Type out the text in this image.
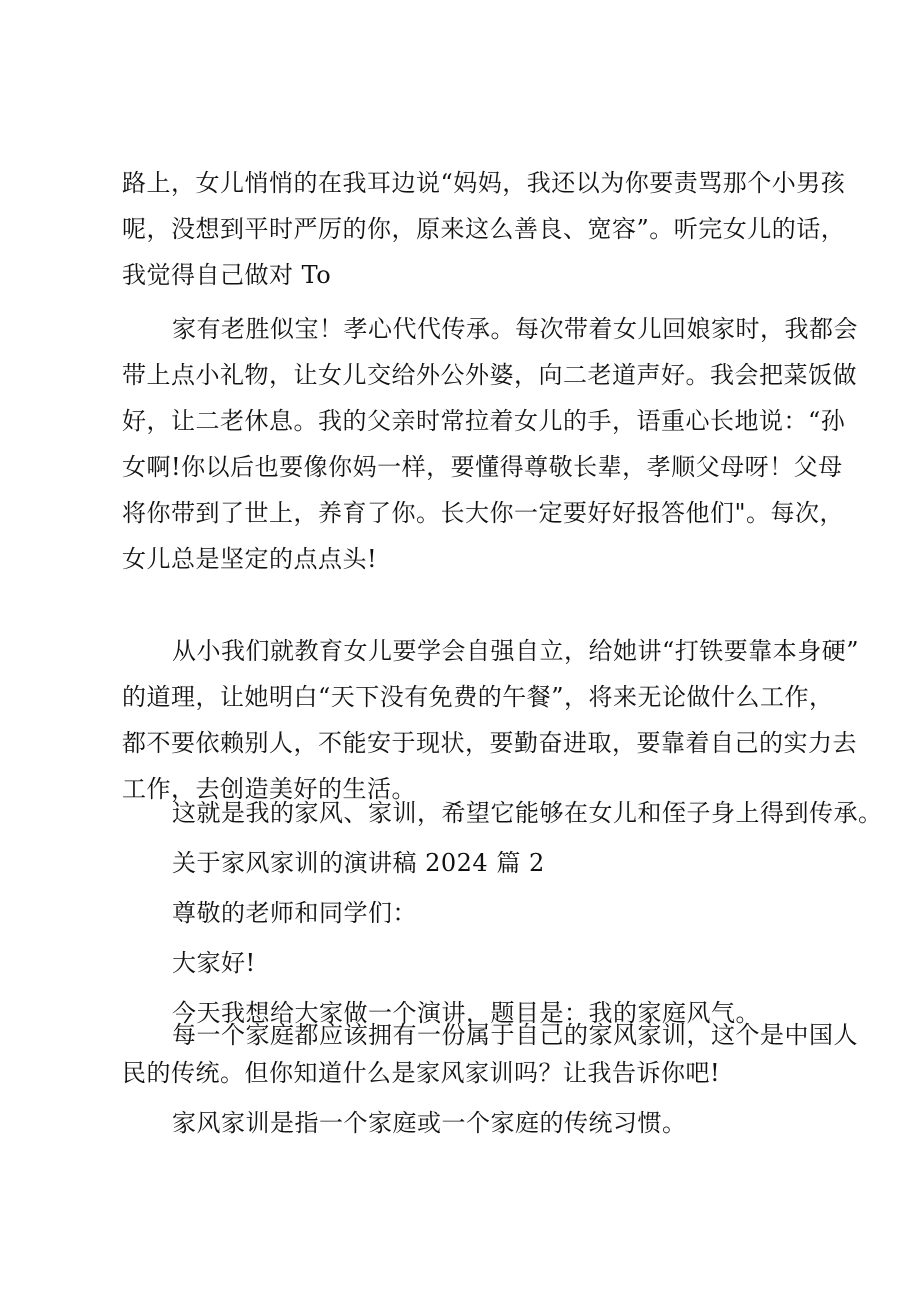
路上，女儿悄悄的在我耳边说“妈妈，我还以为你要责骂那个小男孩
呢，没想到平时严厉的你，原来这么善良、宽容”。听完女儿的话，
我觉得自己做对 To
家有老胜似宝！孝心代代传承。每次带着女儿回娘家时，我都会
带上点小礼物，让女儿交给外公外婆，向二老道声好。我会把菜饭做
好，让二老休息。我的父亲时常拉着女儿的手，语重心长地说：“孙
女啊!你以后也要像你妈一样，要懂得尊敬长辈，孝顺父母呀！父母
将你带到了世上，养育了你。长大你一定要好好报答他们"。每次，
女儿总是坚定的点点头!
从小我们就教育女儿要学会自强自立，给她讲“打铁要靠本身硬”
的道理，让她明白“天下没有免费的午餐”，将来无论做什么工作，
都不要依赖别人，不能安于现状，要勤奋进取，要靠着自己的实力去
工作，去创造美好的生活。
这就是我的家风、家训，希望它能够在女儿和侄子身上得到传承。
关于家风家训的演讲稿 2024 篇 2
尊敬的老师和同学们：
大家好!
今天我想给大家做一个演讲，题目是：我的家庭风气。
每一个家庭都应该拥有一份属于自己的家风家训，这个是中国人
民的传统。但你知道什么是家风家训吗？让我告诉你吧!
家风家训是指一个家庭或一个家庭的传统习惯。
